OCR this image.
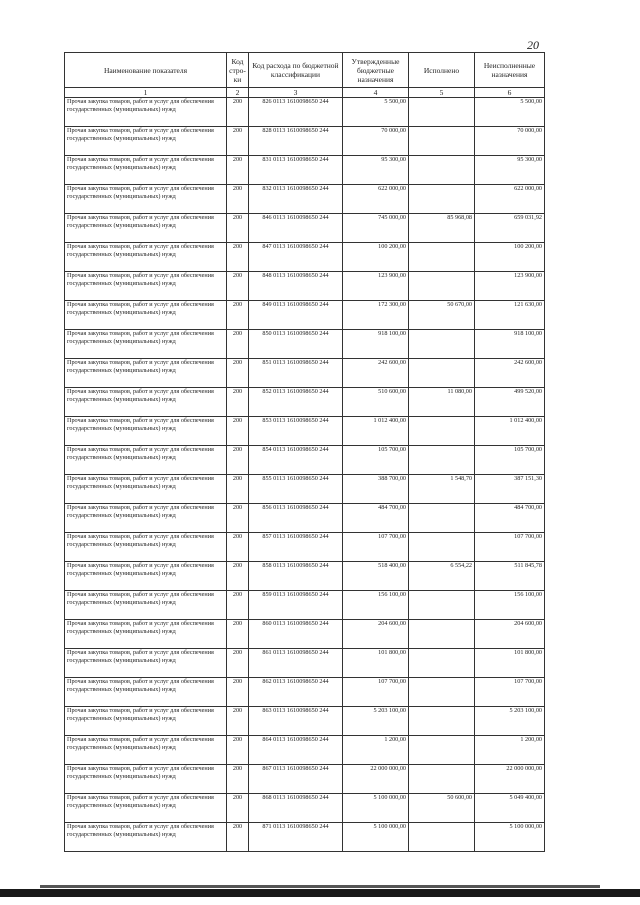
20
Наименование показателя	Код стро-ки	Код расхода по бюджетной классификации	Утвержденные бюджетные назначения	Исполнено	Неисполненные назначения
1	2	3	4	5	6
Прочая закупка товаров, работ и услуг для обеспечения государственных (муниципальных) нужд	200	826 0113 1610098650 244	5 500,00		5 500,00
Прочая закупка товаров, работ и услуг для обеспечения государственных (муниципальных) нужд	200	828 0113 1610098650 244	70 000,00		70 000,00
Прочая закупка товаров, работ и услуг для обеспечения государственных (муниципальных) нужд	200	831 0113 1610098650 244	95 300,00		95 300,00
Прочая закупка товаров, работ и услуг для обеспечения государственных (муниципальных) нужд	200	832 0113 1610098650 244	622 000,00		622 000,00
Прочая закупка товаров, работ и услуг для обеспечения государственных (муниципальных) нужд	200	846 0113 1610098650 244	745 000,00	85 968,08	659 031,92
Прочая закупка товаров, работ и услуг для обеспечения государственных (муниципальных) нужд	200	847 0113 1610098650 244	100 200,00		100 200,00
Прочая закупка товаров, работ и услуг для обеспечения государственных (муниципальных) нужд	200	848 0113 1610098650 244	123 900,00		123 900,00
Прочая закупка товаров, работ и услуг для обеспечения государственных (муниципальных) нужд	200	849 0113 1610098650 244	172 300,00	50 670,00	121 630,00
Прочая закупка товаров, работ и услуг для обеспечения государственных (муниципальных) нужд	200	850 0113 1610098650 244	918 100,00		918 100,00
Прочая закупка товаров, работ и услуг для обеспечения государственных (муниципальных) нужд	200	851 0113 1610098650 244	242 600,00		242 600,00
Прочая закупка товаров, работ и услуг для обеспечения государственных (муниципальных) нужд	200	852 0113 1610098650 244	510 600,00	11 080,00	499 520,00
Прочая закупка товаров, работ и услуг для обеспечения государственных (муниципальных) нужд	200	853 0113 1610098650 244	1 012 400,00		1 012 400,00
Прочая закупка товаров, работ и услуг для обеспечения государственных (муниципальных) нужд	200	854 0113 1610098650 244	105 700,00		105 700,00
Прочая закупка товаров, работ и услуг для обеспечения государственных (муниципальных) нужд	200	855 0113 1610098650 244	388 700,00	1 548,70	387 151,30
Прочая закупка товаров, работ и услуг для обеспечения государственных (муниципальных) нужд	200	856 0113 1610098650 244	484 700,00		484 700,00
Прочая закупка товаров, работ и услуг для обеспечения государственных (муниципальных) нужд	200	857 0113 1610098650 244	107 700,00		107 700,00
Прочая закупка товаров, работ и услуг для обеспечения государственных (муниципальных) нужд	200	858 0113 1610098650 244	518 400,00	6 554,22	511 845,78
Прочая закупка товаров, работ и услуг для обеспечения государственных (муниципальных) нужд	200	859 0113 1610098650 244	156 100,00		156 100,00
Прочая закупка товаров, работ и услуг для обеспечения государственных (муниципальных) нужд	200	860 0113 1610098650 244	204 600,00		204 600,00
Прочая закупка товаров, работ и услуг для обеспечения государственных (муниципальных) нужд	200	861 0113 1610098650 244	101 800,00		101 800,00
Прочая закупка товаров, работ и услуг для обеспечения государственных (муниципальных) нужд	200	862 0113 1610098650 244	107 700,00		107 700,00
Прочая закупка товаров, работ и услуг для обеспечения государственных (муниципальных) нужд	200	863 0113 1610098650 244	5 203 100,00		5 203 100,00
Прочая закупка товаров, работ и услуг для обеспечения государственных (муниципальных) нужд	200	864 0113 1610098650 244	1 200,00		1 200,00
Прочая закупка товаров, работ и услуг для обеспечения государственных (муниципальных) нужд	200	867 0113 1610098650 244	22 000 000,00		22 000 000,00
Прочая закупка товаров, работ и услуг для обеспечения государственных (муниципальных) нужд	200	868 0113 1610098650 244	5 100 000,00	50 600,00	5 049 400,00
Прочая закупка товаров, работ и услуг для обеспечения государственных (муниципальных) нужд	200	871 0113 1610098650 244	5 100 000,00		5 100 000,00
